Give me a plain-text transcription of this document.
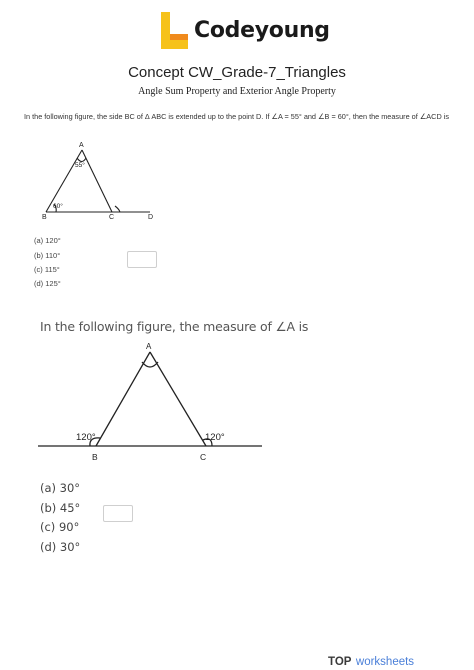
Codeyoung
Concept CW_Grade-7_Triangles
Angle Sum Property and Exterior Angle Property
In the following figure, the side BC of Δ ABC is extended up to the point D. If ∠A = 55° and ∠B = 60°, then the measure of ∠ACD is
A
55°
60°
B	C	D
(a) 120°
(b) 110°
(c) 115°
(d) 125°
In the following figure, the measure of ∠A is
A
120°	120°
B	C
(a) 30°
(b) 45°
(c) 90°
(d) 30°
TOP worksheets
